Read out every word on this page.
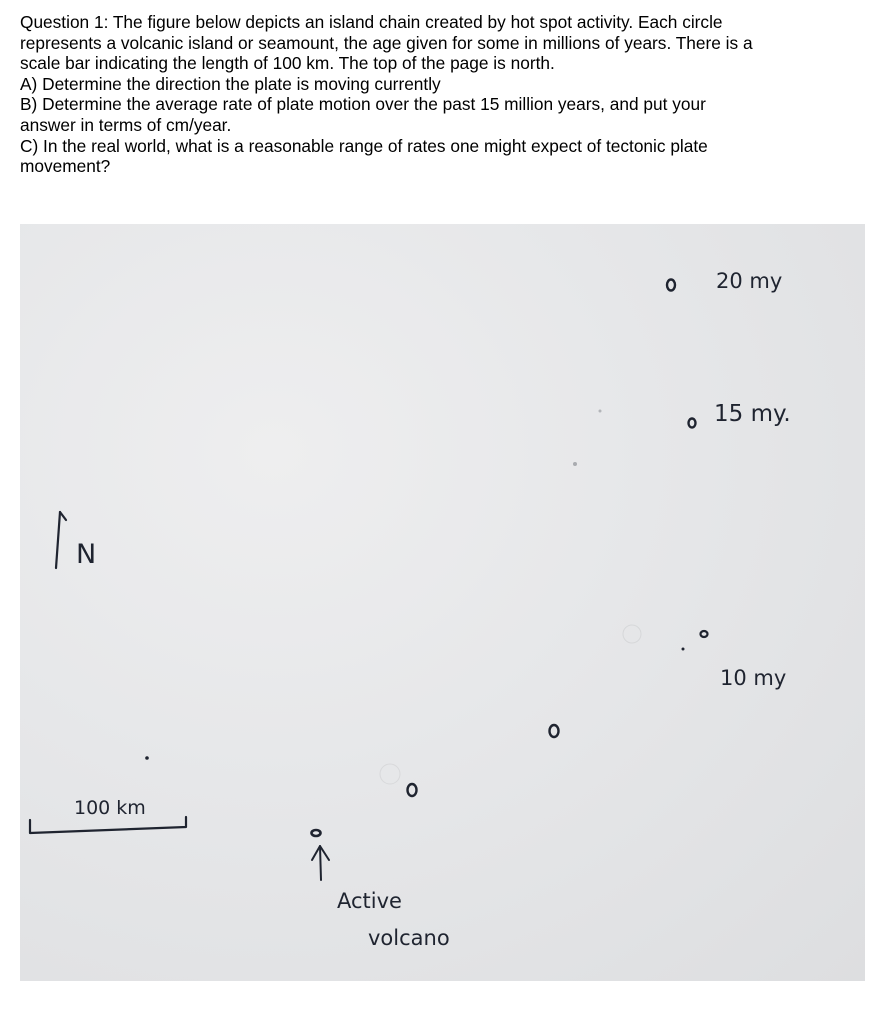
Question 1: The figure below depicts an island chain created by hot spot activity. Each circle
represents a volcanic island or seamount, the age given for some in millions of years. There is a
scale bar indicating the length of 100 km. The top of the page is north.
A) Determine the direction the plate is moving currently
B) Determine the average rate of plate motion over the past 15 million years, and put your
answer in terms of cm/year.
C) In the real world, what is a reasonable range of rates one might expect of tectonic plate
movement?
N
100 km
20 my
15 my.
10 my
Active
volcano
